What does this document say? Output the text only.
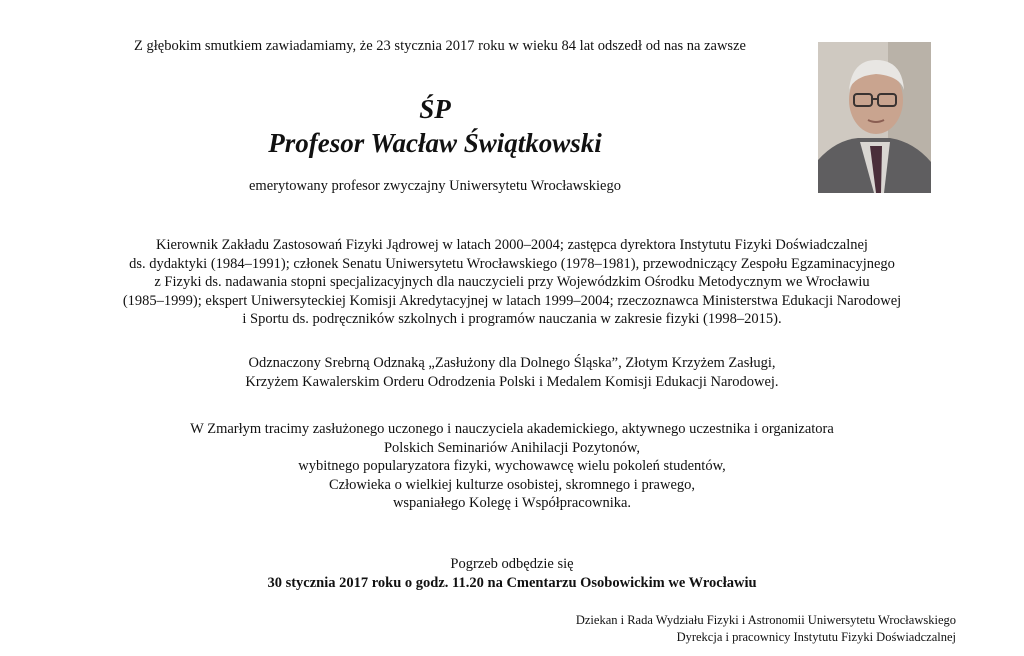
Z głębokim smutkiem zawiadamiamy, że 23 stycznia 2017 roku w wieku 84 lat odszedł od nas na zawsze
ŚP
Profesor Wacław Świątkowski
emerytowany profesor zwyczajny Uniwersytetu Wrocławskiego
Kierownik Zakładu Zastosowań Fizyki Jądrowej w latach 2000–2004; zastępca dyrektora Instytutu Fizyki Doświadczalnej
ds. dydaktyki (1984–1991); członek Senatu Uniwersytetu Wrocławskiego (1978–1981), przewodniczący Zespołu Egzaminacyjnego
z Fizyki ds. nadawania stopni specjalizacyjnych dla nauczycieli przy Wojewódzkim Ośrodku Metodycznym we Wrocławiu
(1985–1999); ekspert Uniwersyteckiej Komisji Akredytacyjnej w latach 1999–2004; rzeczoznawca Ministerstwa Edukacji Narodowej
i Sportu ds. podręczników szkolnych i programów nauczania w zakresie fizyki (1998–2015).
Odznaczony Srebrną Odznaką „Zasłużony dla Dolnego Śląska”, Złotym Krzyżem Zasługi,
Krzyżem Kawalerskim Orderu Odrodzenia Polski i Medalem Komisji Edukacji Narodowej.
W Zmarłym tracimy zasłużonego uczonego i nauczyciela akademickiego, aktywnego uczestnika i organizatora
Polskich Seminariów Anihilacji Pozytonów,
wybitnego popularyzatora fizyki, wychowawcę wielu pokoleń studentów,
Człowieka o wielkiej kulturze osobistej, skromnego i prawego,
wspaniałego Kolegę i Współpracownika.
Pogrzeb odbędzie się
30 stycznia 2017 roku o godz. 11.20 na Cmentarzu Osobowickim we Wrocławiu
Dziekan i Rada Wydziału Fizyki i Astronomii Uniwersytetu Wrocławskiego
Dyrekcja i pracownicy Instytutu Fizyki Doświadczalnej
